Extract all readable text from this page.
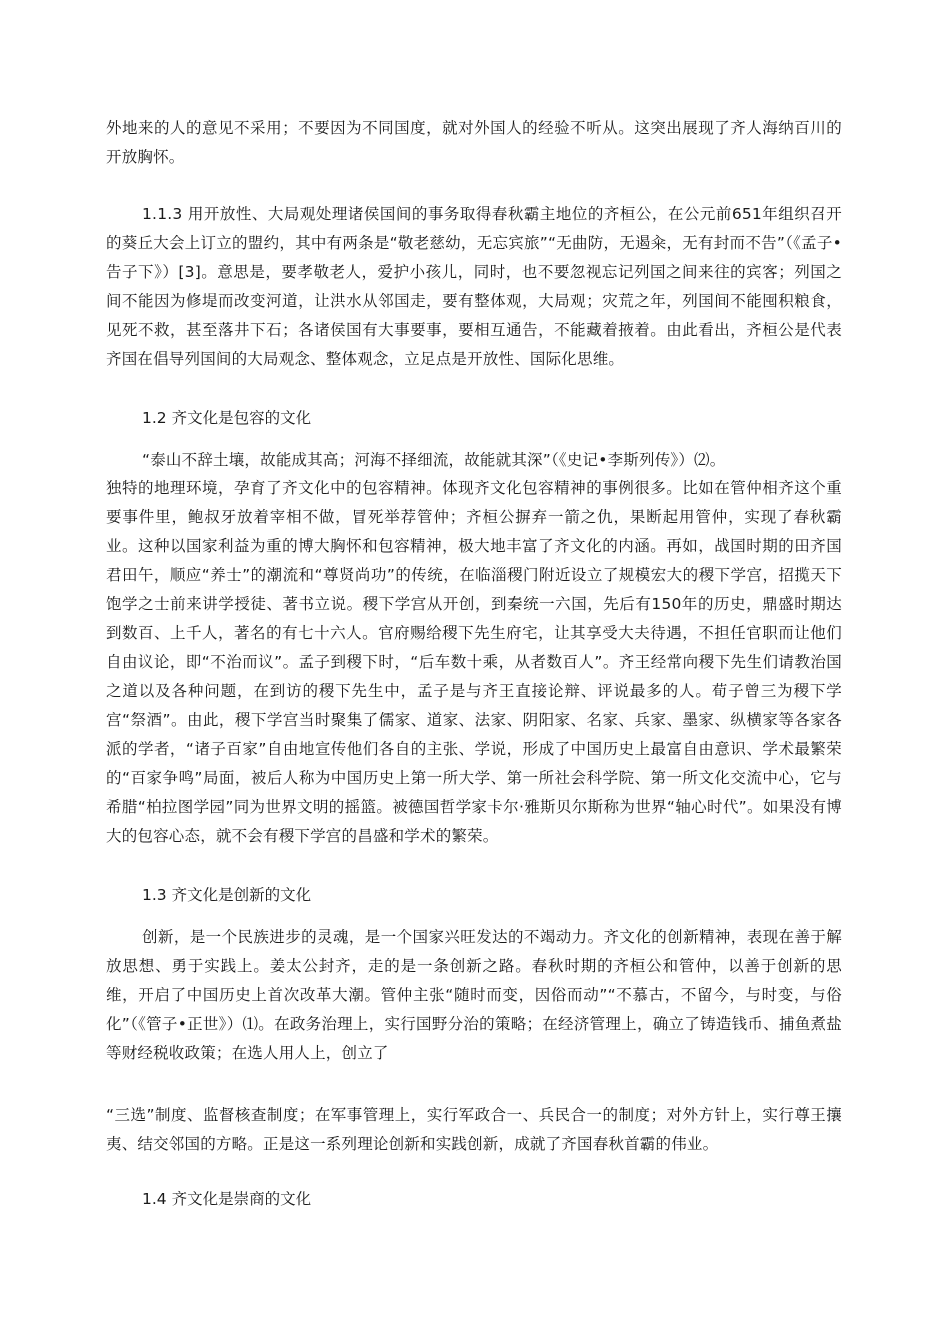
外地来的人的意见不采用；不要因为不同国度，就对外国人的经验不听从。这突出展现了齐人海纳百川的开放胸怀。

1.1.3 用开放性、大局观处理诸侯国间的事务取得春秋霸主地位的齐桓公，在公元前651年组织召开的葵丘大会上订立的盟约，其中有两条是“敬老慈幼，无忘宾旅”“无曲防，无遏籴，无有封而不告”（《孟子•告子下》）[3]。意思是，要孝敬老人，爱护小孩儿，同时，也不要忽视忘记列国之间来往的宾客；列国之间不能因为修堤而改变河道，让洪水从邻国走，要有整体观，大局观；灾荒之年，列国间不能囤积粮食，见死不救，甚至落井下石；各诸侯国有大事要事，要相互通告，不能藏着掖着。由此看出，齐桓公是代表齐国在倡导列国间的大局观念、整体观念，立足点是开放性、国际化思维。

1.2 齐文化是包容的文化

“泰山不辞土壤，故能成其高；河海不择细流，故能就其深”（《史记•李斯列传》）⑵。

独特的地理环境，孕育了齐文化中的包容精神。体现齐文化包容精神的事例很多。比如在管仲相齐这个重要事件里，鲍叔牙放着宰相不做，冒死举荐管仲；齐桓公摒弃一箭之仇，果断起用管仲，实现了春秋霸业。这种以国家利益为重的博大胸怀和包容精神，极大地丰富了齐文化的内涵。再如，战国时期的田齐国君田午，顺应“养士”的潮流和“尊贤尚功”的传统，在临淄稷门附近设立了规模宏大的稷下学宫，招揽天下饱学之士前来讲学授徒、著书立说。稷下学宫从开创，到秦统一六国，先后有150年的历史，鼎盛时期达到数百、上千人，著名的有七十六人。官府赐给稷下先生府宅，让其享受大夫待遇，不担任官职而让他们自由议论，即“不治而议”。孟子到稷下时，“后车数十乘，从者数百人”。齐王经常向稷下先生们请教治国之道以及各种问题，在到访的稷下先生中，孟子是与齐王直接论辩、评说最多的人。荀子曾三为稷下学宫“祭酒”。由此，稷下学宫当时聚集了儒家、道家、法家、阴阳家、名家、兵家、墨家、纵横家等各家各派的学者，“诸子百家”自由地宣传他们各自的主张、学说，形成了中国历史上最富自由意识、学术最繁荣的“百家争鸣”局面，被后人称为中国历史上第一所大学、第一所社会科学院、第一所文化交流中心，它与希腊“柏拉图学园”同为世界文明的摇篮。被德国哲学家卡尔·雅斯贝尔斯称为世界“轴心时代”。如果没有博大的包容心态，就不会有稷下学宫的昌盛和学术的繁荣。

1.3 齐文化是创新的文化

创新，是一个民族进步的灵魂，是一个国家兴旺发达的不竭动力。齐文化的创新精神，表现在善于解放思想、勇于实践上。姜太公封齐，走的是一条创新之路。春秋时期的齐桓公和管仲，以善于创新的思维，开启了中国历史上首次改革大潮。管仲主张“随时而变，因俗而动”“不慕古，不留今，与时变，与俗化”（《管子•正世》）⑴。在政务治理上，实行国野分治的策略；在经济管理上，确立了铸造钱币、捕鱼煮盐等财经税收政策；在选人用人上，创立了

“三选”制度、监督核查制度；在军事管理上，实行军政合一、兵民合一的制度；对外方针上，实行尊王攘夷、结交邻国的方略。正是这一系列理论创新和实践创新，成就了齐国春秋首霸的伟业。

1.4 齐文化是崇商的文化
